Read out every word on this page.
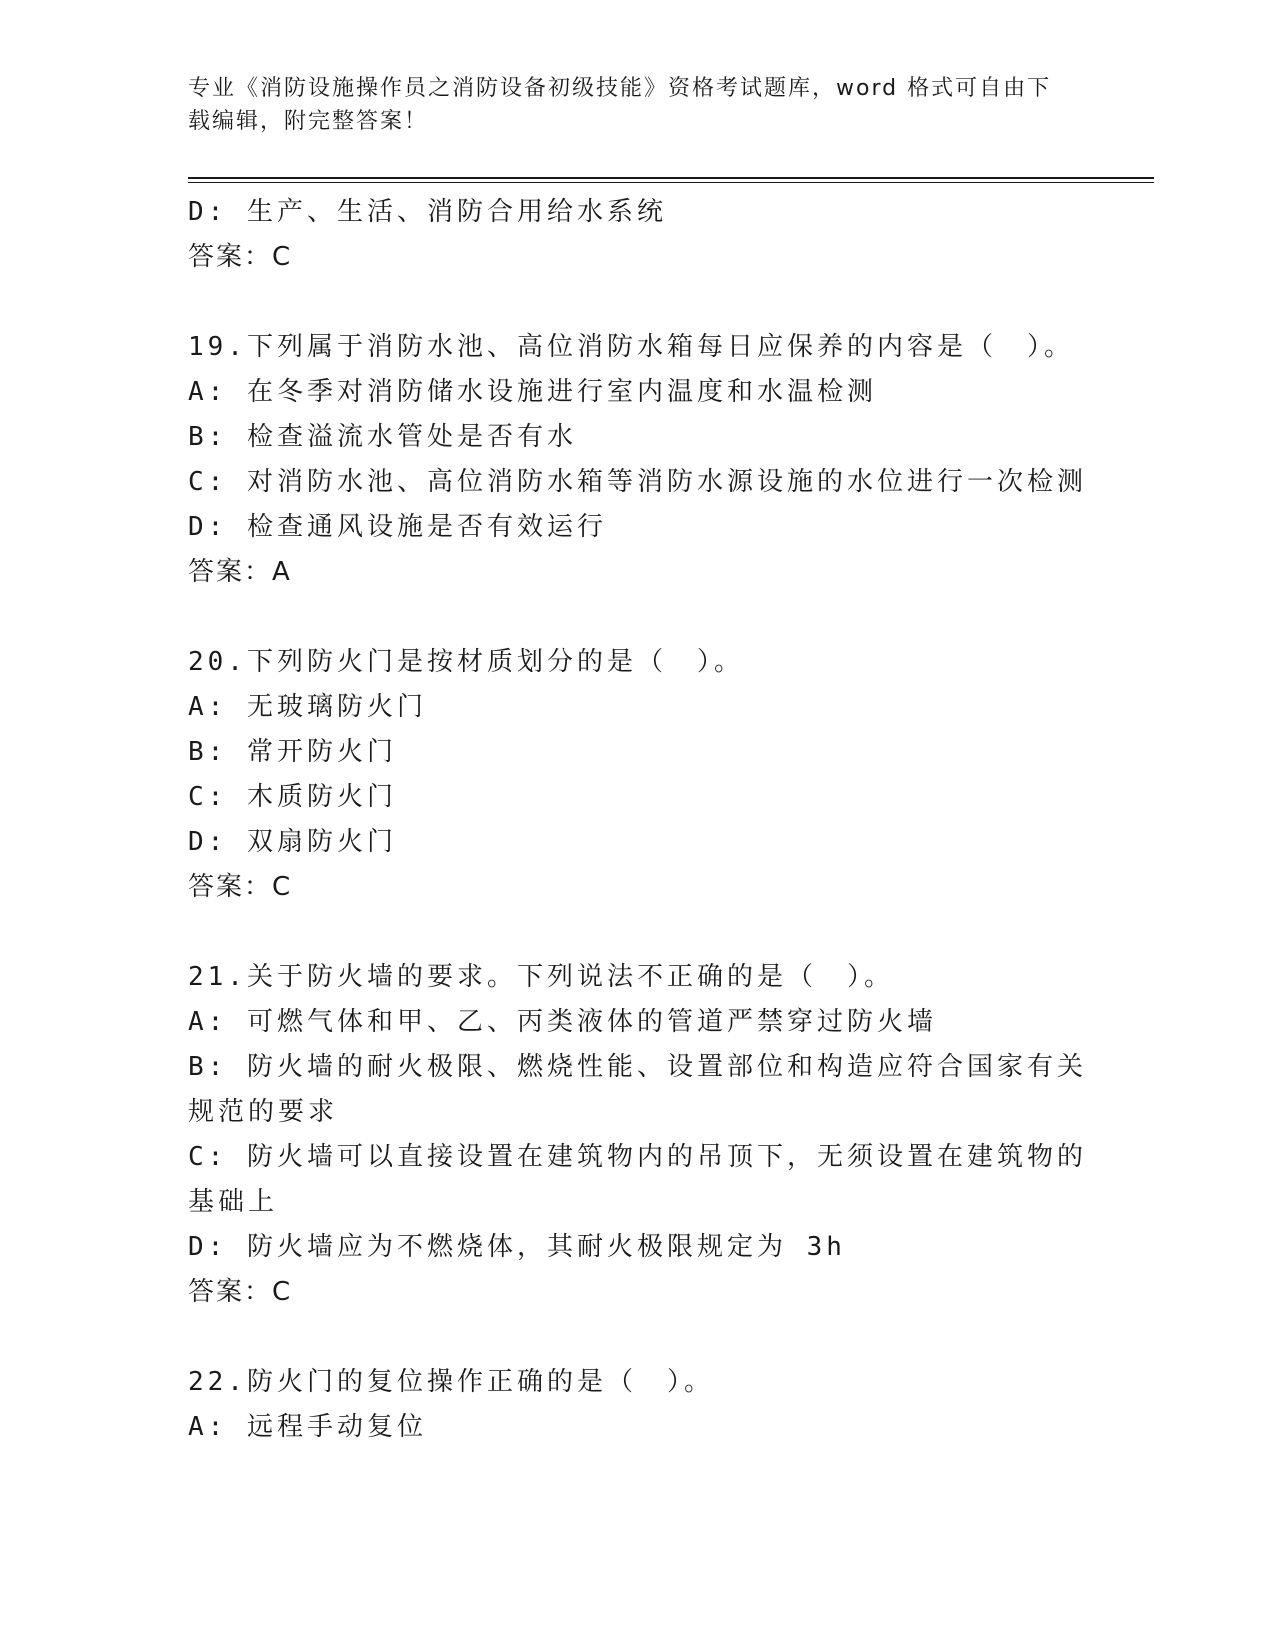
专业《消防设施操作员之消防设备初级技能》资格考试题库，word 格式可自由下载编辑，附完整答案！

D: 生产、生活、消防合用给水系统

答案：C

19.下列属于消防水池、高位消防水箱每日应保养的内容是（　）。

A: 在冬季对消防储水设施进行室内温度和水温检测

B: 检查溢流水管处是否有水

C: 对消防水池、高位消防水箱等消防水源设施的水位进行一次检测

D: 检查通风设施是否有效运行

答案：A

20.下列防火门是按材质划分的是（　）。

A: 无玻璃防火门

B: 常开防火门

C: 木质防火门

D: 双扇防火门

答案：C

21.关于防火墙的要求。下列说法不正确的是（　）。

A: 可燃气体和甲、乙、丙类液体的管道严禁穿过防火墙

B: 防火墙的耐火极限、燃烧性能、设置部位和构造应符合国家有关规范的要求

C: 防火墙可以直接设置在建筑物内的吊顶下，无须设置在建筑物的基础上

D: 防火墙应为不燃烧体，其耐火极限规定为 3h

答案：C

22.防火门的复位操作正确的是（　）。

A: 远程手动复位
